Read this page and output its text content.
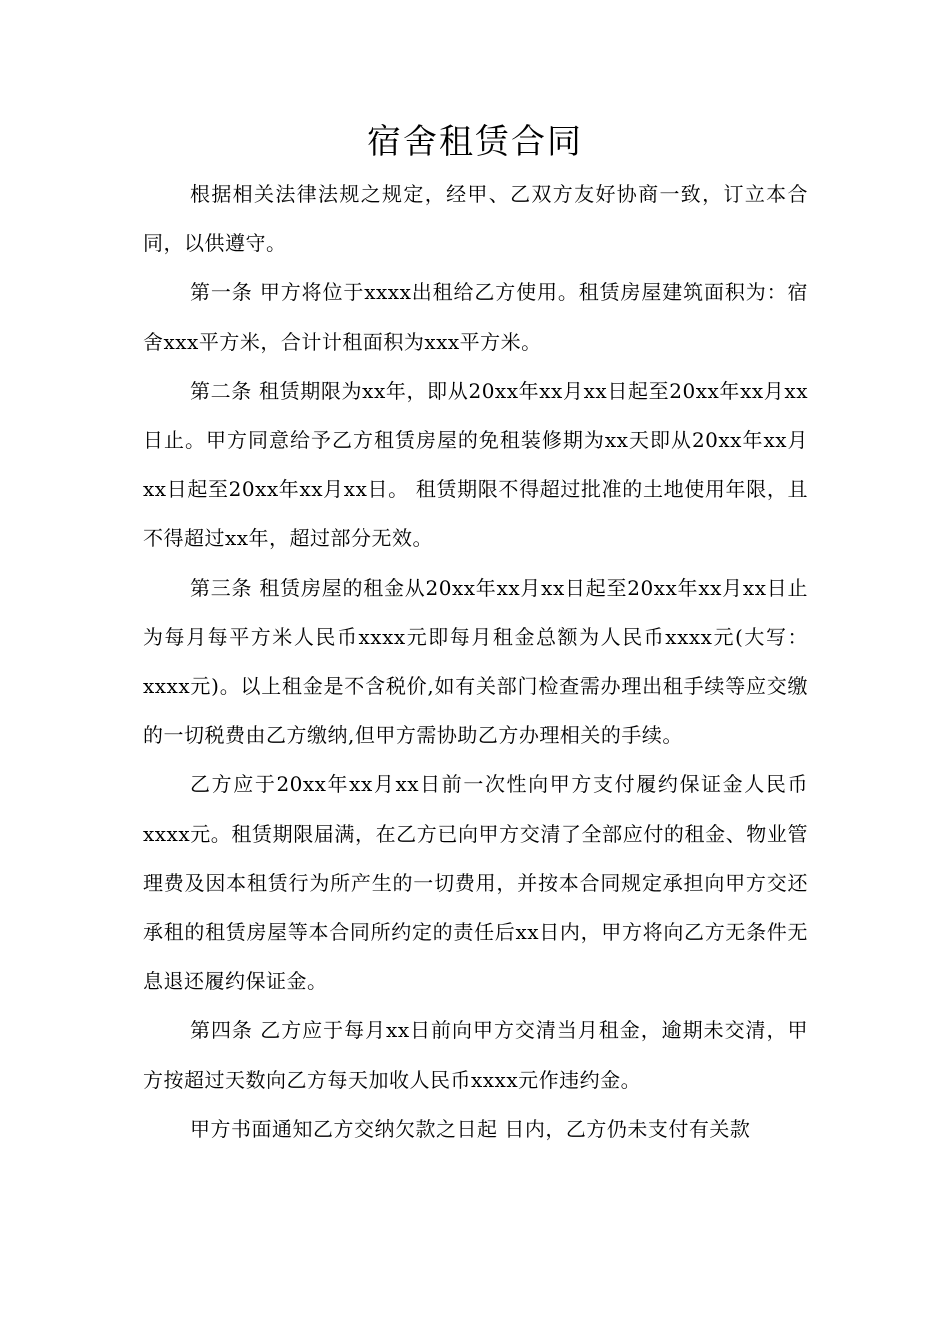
宿舍租赁合同

根据相关法律法规之规定，经甲、乙双方友好协商一致，订立本合同，以供遵守。

第一条 甲方将位于xxxx出租给乙方使用。租赁房屋建筑面积为：宿舍xxx平方米，合计计租面积为xxx平方米。

第二条 租赁期限为xx年，即从20xx年xx月xx日起至20xx年xx月xx日止。甲方同意给予乙方租赁房屋的免租装修期为xx天即从20xx年xx月xx日起至20xx年xx月xx日。 租赁期限不得超过批准的土地使用年限，且不得超过xx年，超过部分无效。

第三条 租赁房屋的租金从20xx年xx月xx日起至20xx年xx月xx日止为每月每平方米人民币xxxx元即每月租金总额为人民币xxxx元(大写：xxxx元)。以上租金是不含税价,如有关部门检查需办理出租手续等应交缴的一切税费由乙方缴纳,但甲方需协助乙方办理相关的手续。

乙方应于20xx年xx月xx日前一次性向甲方支付履约保证金人民币xxxx元。租赁期限届满，在乙方已向甲方交清了全部应付的租金、物业管理费及因本租赁行为所产生的一切费用，并按本合同规定承担向甲方交还承租的租赁房屋等本合同所约定的责任后xx日内，甲方将向乙方无条件无息退还履约保证金。

第四条 乙方应于每月xx日前向甲方交清当月租金，逾期未交清，甲方按超过天数向乙方每天加收人民币xxxx元作违约金。

甲方书面通知乙方交纳欠款之日起 日内，乙方仍未支付有关款
